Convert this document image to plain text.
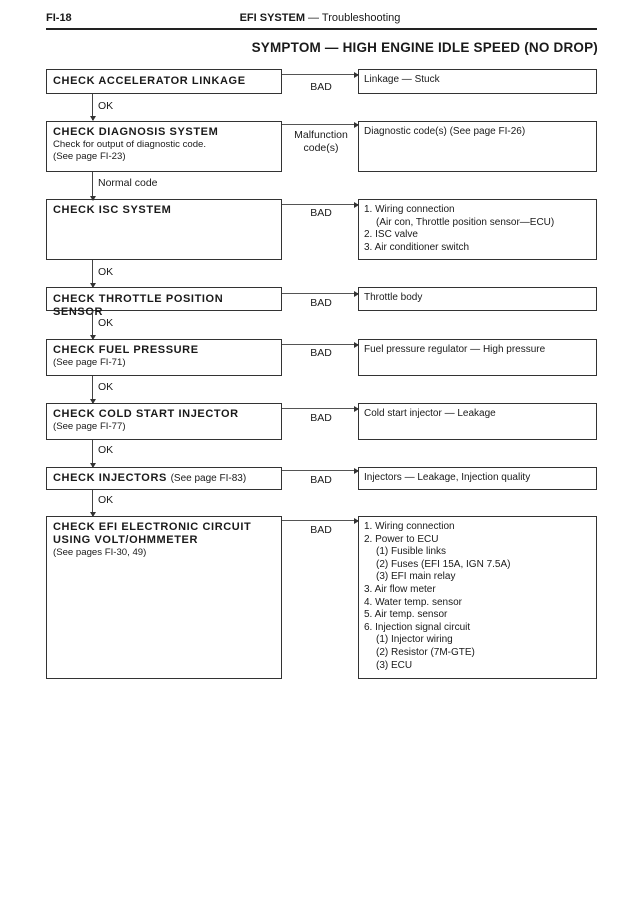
FI-18	EFI SYSTEM — Troubleshooting
SYMPTOM — HIGH ENGINE IDLE SPEED (NO DROP)
CHECK ACCELERATOR LINKAGE	BAD
Linkage — Stuck
OK
CHECK DIAGNOSIS SYSTEM
Check for output of diagnostic code.
(See page FI-23)
Malfunction code(s)
Diagnostic code(s) (See page FI-26)
Normal code
CHECK ISC SYSTEM	BAD	1. Wiring connection
(Air con, Throttle position sensor—ECU)
2. ISC valve
3. Air conditioner switch
OK
CHECK THROTTLE POSITION SENSOR
BAD	Throttle body
OK
CHECK FUEL PRESSURE
(See page FI-71)
BAD	Fuel pressure regulator — High pressure
OK
CHECK COLD START INJECTOR
(See page FI-77)
BAD	Cold start injector — Leakage
OK
CHECK INJECTORS (See page FI-83)	BAD	Injectors — Leakage, Injection quality
OK
CHECK EFI ELECTRONIC CIRCUIT
USING VOLT/OHMMETER
(See pages FI-30, 49)
BAD	1. Wiring connection
2. Power to ECU
(1) Fusible links
(2) Fuses (EFI 15A, IGN 7.5A)
(3) EFI main relay
3. Air flow meter
4. Water temp. sensor
5. Air temp. sensor
6. Injection signal circuit
(1) Injector wiring
(2) Resistor (7M-GTE)
(3) ECU
